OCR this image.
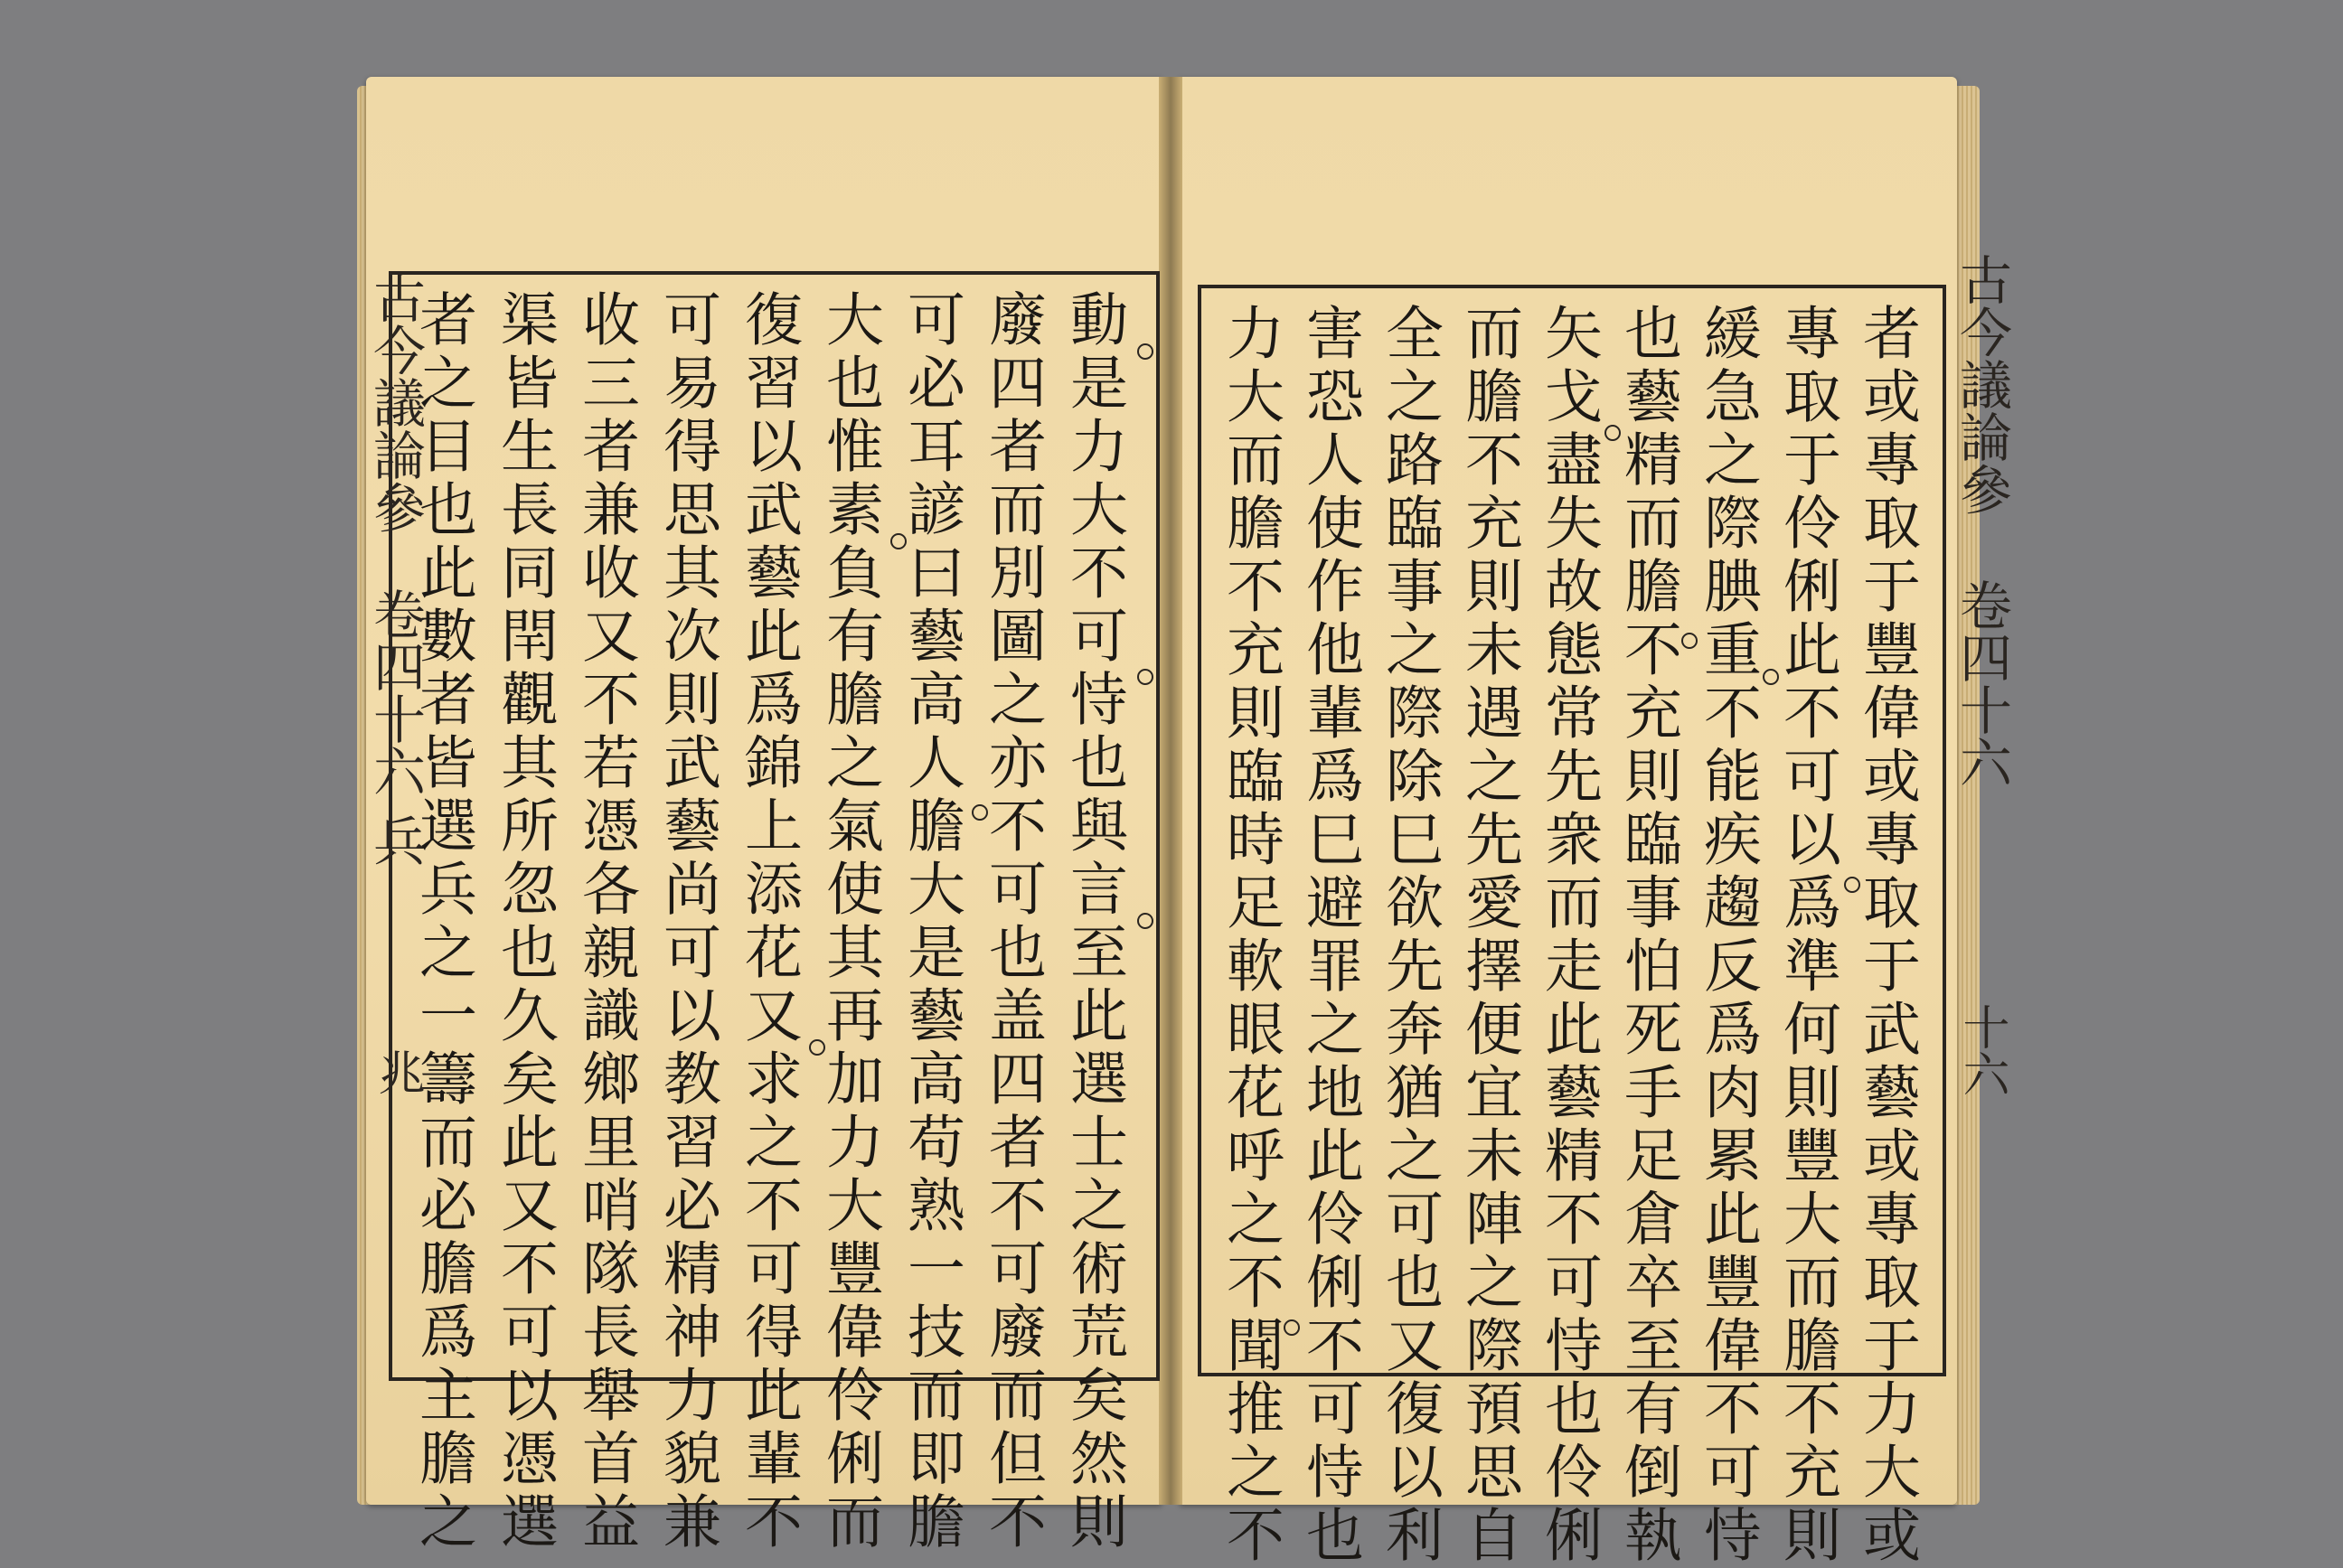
古今議論參
卷四十六 兵
兆	動是力大不可恃也與言至此選士之術荒矣然則
廢四者而別圖之亦不可也盖四者不可廢而但不
可必耳諺曰藝高人膽大是藝高苟熟一技而即膽
大也惟素負有膽之氣使其再加力大豐偉伶俐而
復習以武藝此爲錦上添花又求之不可得此輩不
可易得思其次則武藝尚可以教習必精神力貌兼
收三者兼收又不若憑各親識鄉里哨隊長舉首益
渠皆生長同閈觀其所忽也久矣此又不可以憑選
者之目也此數者皆選兵之一籌而必膽爲主膽之	古今議論參
卷四十六
十六
者或專取于豐偉或專取于武藝或專取于力大或
專取于伶俐此不可以爲準何則豐大而膽不充則
緩急之際腆重不能疾趨反爲肉累此豐偉不可恃
也藝精而膽不充則臨事怕死手足倉卒至有倒執
矢戈盡失故態常先衆而走此藝精不可恃也伶俐
而膽不充則未遇之先愛擇便宜未陣之際預思自
全之路臨事之際除巳欲先奔猶之可也又復以利
害恐人使作他輩爲巳避罪之地此伶俐不可恃也
力大而膽不充則臨時足軟眼花呼之不聞推之不
